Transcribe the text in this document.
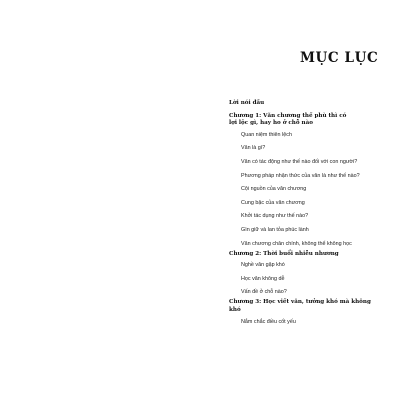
MỤC LỤC
Lời nói đầu
Chương 1: Văn chương thế phù thì có
lợi lộc gì, hay ho ở chỗ nào
Quan niệm thiên lệch
Văn là gì?
Văn có tác động như thế nào đối với con người?
Phương pháp nhận thức của văn là như thế nào?
Cội nguồn của văn chương
Cung bậc của văn chương
Khởi tác dụng như thế nào?
Gìn giữ và lan tỏa phúc lành
Văn chương chân chính, không thể không học
Chương 2: Thời buổi nhiễu nhương
Nghề văn gặp khó
Học văn không dễ
Vấn đề ở chỗ nào?
Chương 3: Học viết văn, tưởng khó mà không khó
Nắm chắc điều cốt yếu
